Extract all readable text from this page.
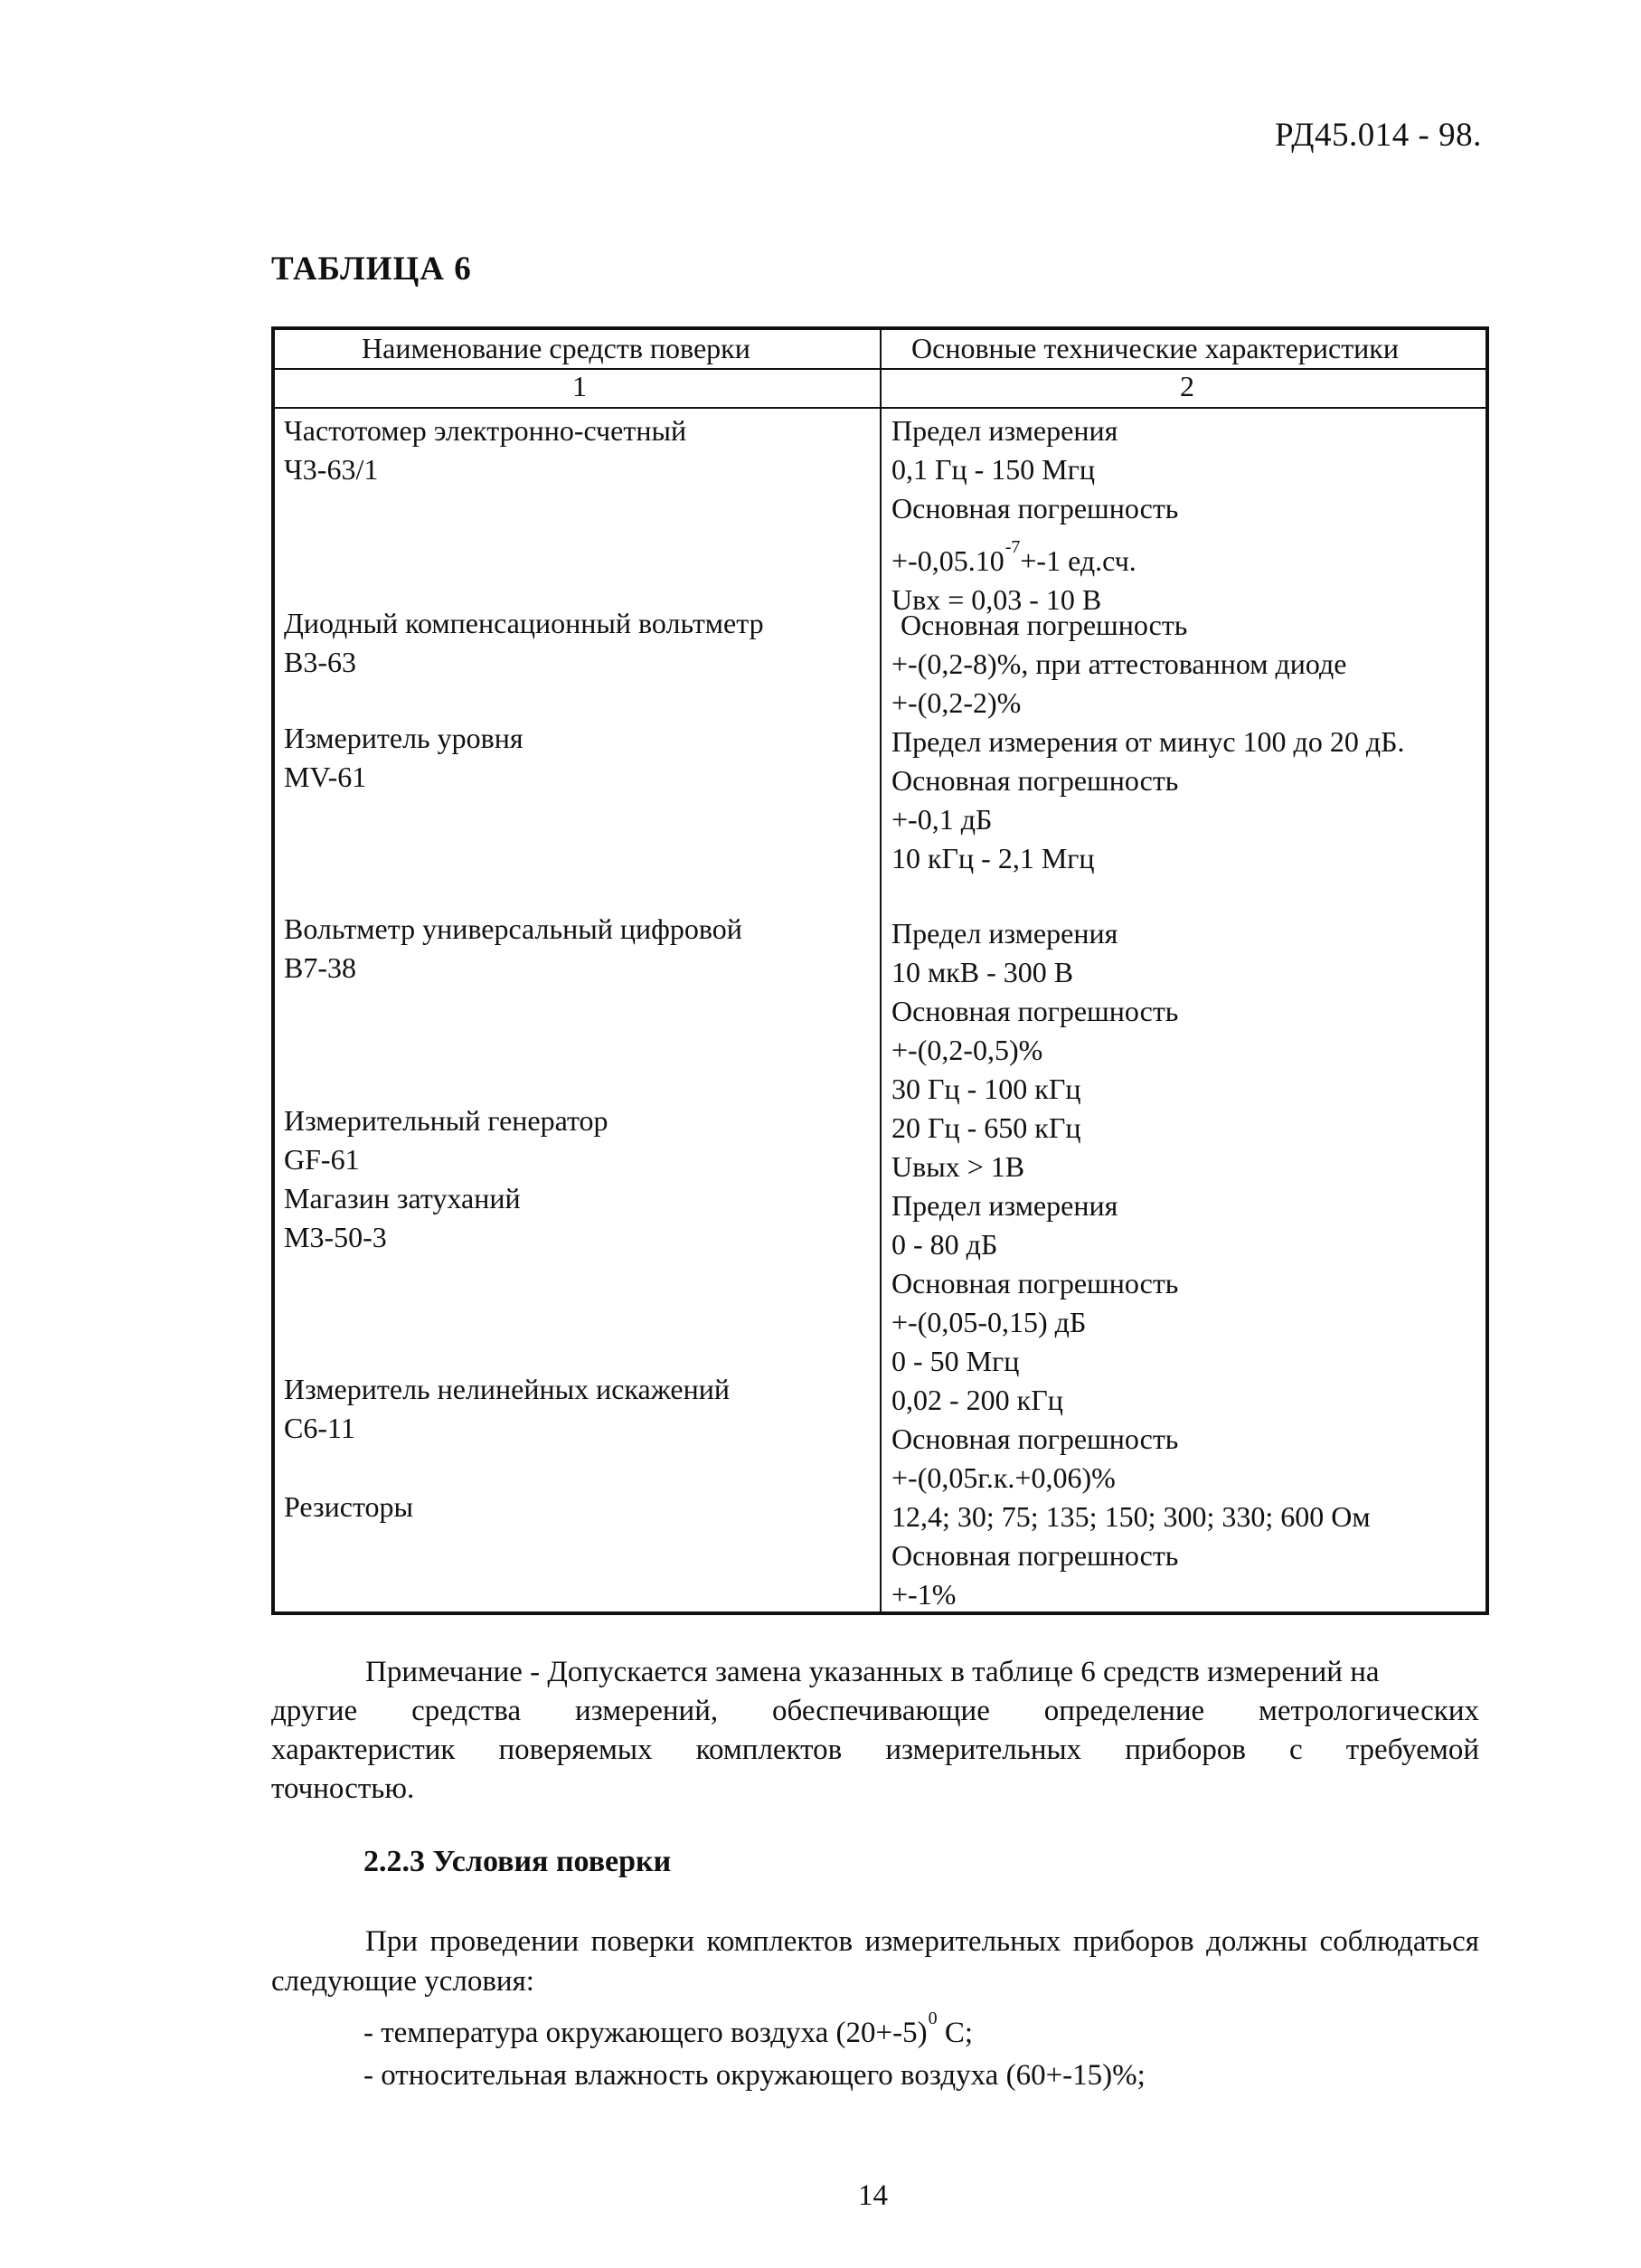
РД45.014 - 98.
ТАБЛИЦА 6
Наименование средств поверки	Основные технические характеристики
1	2
Частотомер электронно-счетный
Ч3-63/1
Диодный компенсационный вольтметр
В3-63
Измеритель уровня
MV-61
Вольтметр универсальный цифровой
В7-38
Измерительный генератор
GF-61
Магазин затуханий
М3-50-3
Измеритель нелинейных искажений
С6-11
Резисторы
Предел измерения
0,1 Гц - 150 Мгц
Основная погрешность
$+-0,05.10^{-7}+-1$ ед.сч.
Uвх = 0,03 - 10 В
Основная погрешность
+-(0,2-8)%, при аттестованном диоде
+-(0,2-2)%
Предел измерения от минус 100 до 20 дБ.
Основная погрешность
+-0,1 дБ
10 кГц - 2,1 Мгц
Предел измерения
10 мкВ - 300 В
Основная погрешность
+-(0,2-0,5)%
30 Гц - 100 кГц
20 Гц - 650 кГц
Uвых > 1В
Предел измерения
0 - 80 дБ
Основная погрешность
+-(0,05-0,15) дБ
0 - 50 Мгц
0,02 - 200 кГц
Основная погрешность
+-(0,05г.к.+0,06)%
12,4; 30; 75; 135; 150; 300; 330; 600 Ом
Основная погрешность
+-1%
Примечание - Допускается замена указанных в таблице 6 средств измерений на
другие средства измерений, обеспечивающие определение метрологических
характеристик поверяемых комплектов измерительных приборов с требуемой
точностью.
2.2.3 Условия поверки
При проведении поверки комплектов измерительных приборов должны соблюдаться следующие условия:
- температура окружающего воздуха $(20+-5)^0$ С;
- относительная влажность окружающего воздуха (60+-15)%;
14
